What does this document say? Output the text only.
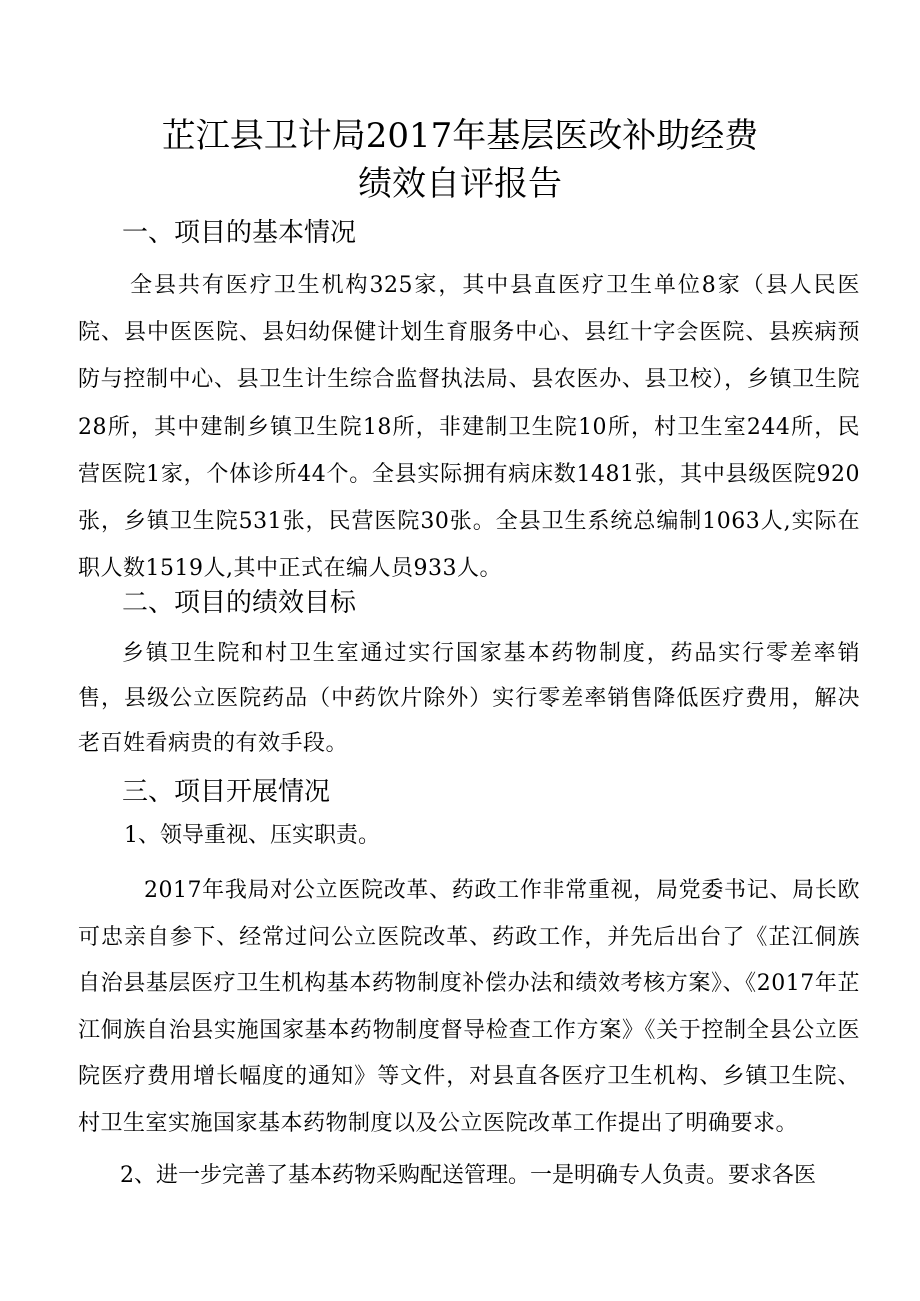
芷江县卫计局2017年基层医改补助经费
绩效自评报告
一、项目的基本情况
全县共有医疗卫生机构325家，其中县直医疗卫生单位8家（县人民医院、县中医医院、县妇幼保健计划生育服务中心、县红十字会医院、县疾病预防与控制中心、县卫生计生综合监督执法局、县农医办、县卫校），乡镇卫生院28所，其中建制乡镇卫生院18所，非建制卫生院10所，村卫生室244所，民营医院1家，个体诊所44个。全县实际拥有病床数1481张，其中县级医院920张，乡镇卫生院531张，民营医院30张。全县卫生系统总编制1063人,实际在职人数1519人,其中正式在编人员933人。
二、项目的绩效目标
乡镇卫生院和村卫生室通过实行国家基本药物制度，药品实行零差率销售，县级公立医院药品（中药饮片除外）实行零差率销售降低医疗费用，解决老百姓看病贵的有效手段。
三、项目开展情况
1、领导重视、压实职责。
2017年我局对公立医院改革、药政工作非常重视，局党委书记、局长欧可忠亲自参下、经常过问公立医院改革、药政工作，并先后出台了《芷江侗族自治县基层医疗卫生机构基本药物制度补偿办法和绩效考核方案》、《2017年芷江侗族自治县实施国家基本药物制度督导检查工作方案》《关于控制全县公立医院医疗费用增长幅度的通知》等文件，对县直各医疗卫生机构、乡镇卫生院、村卫生室实施国家基本药物制度以及公立医院改革工作提出了明确要求。
2、进一步完善了基本药物采购配送管理。一是明确专人负责。要求各医
